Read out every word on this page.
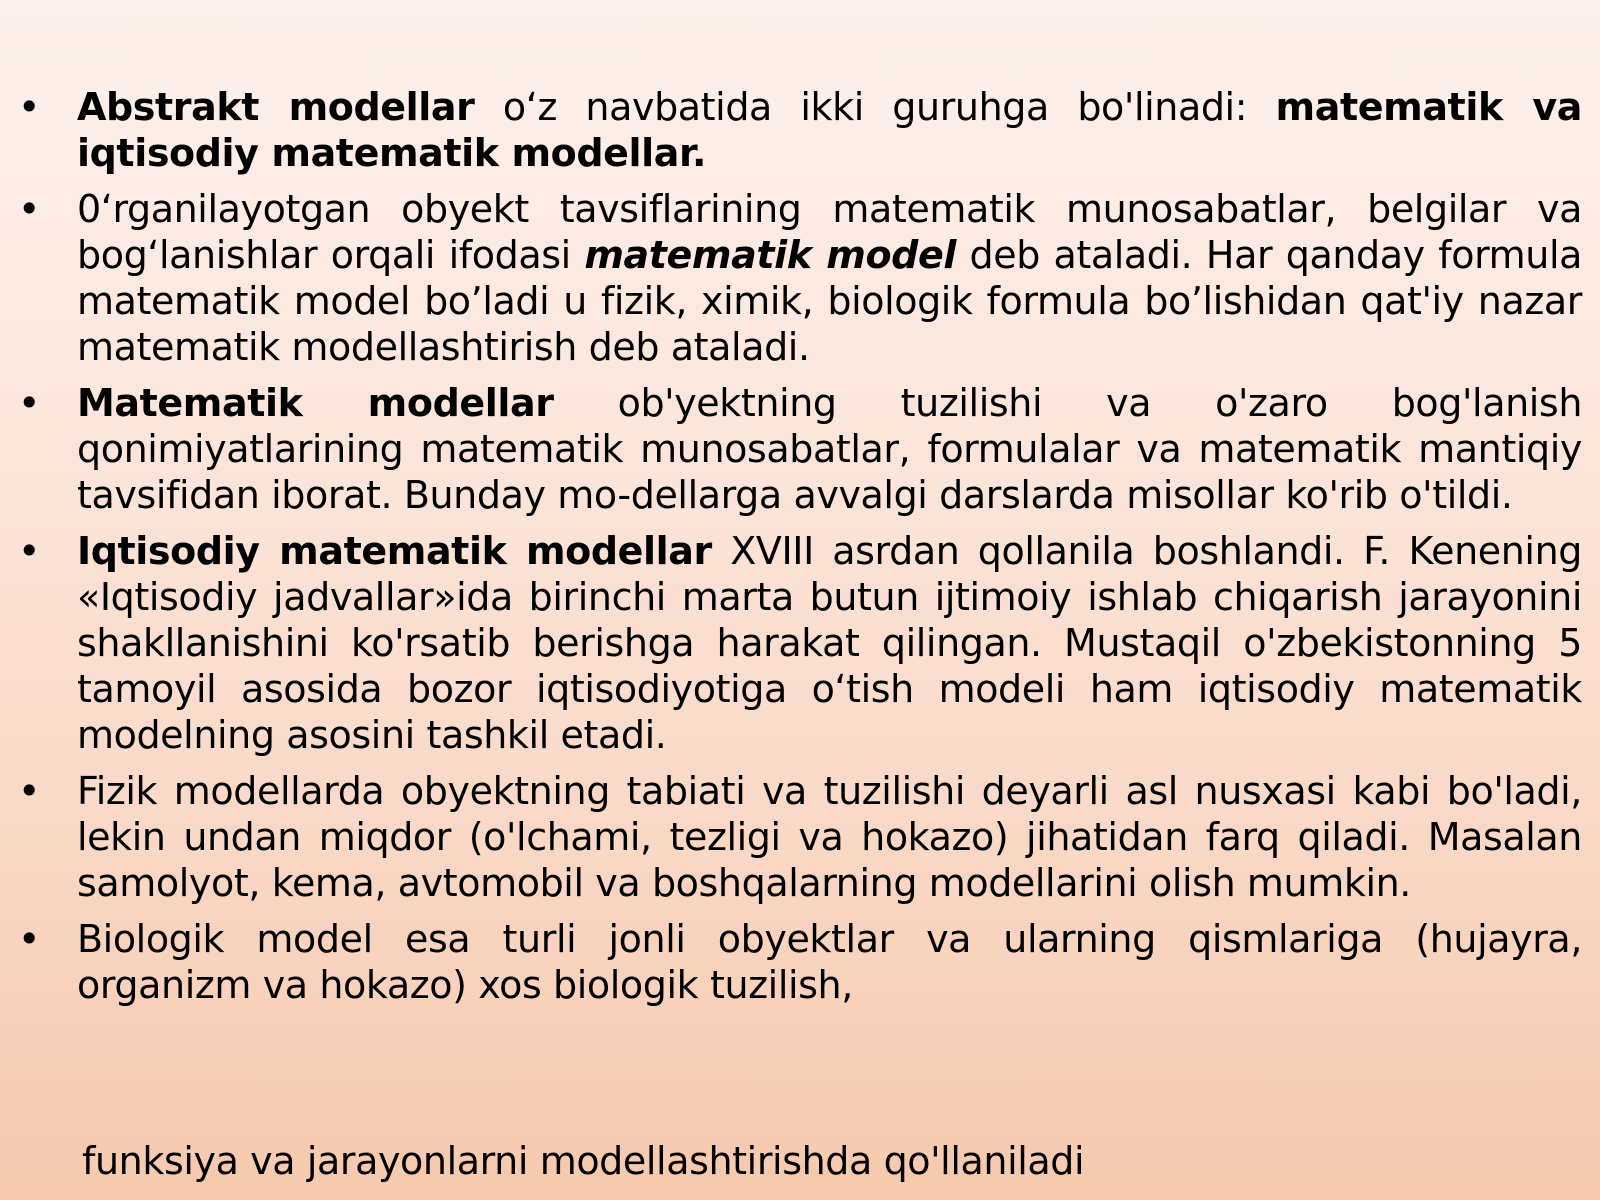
• Abstrakt modellar o‘z navbatida ikki guruhga bo'linadi: matematik va iqtisodiy matematik modellar.
• 0‘rganilayotgan obyekt tavsiflarining matematik munosabatlar, belgilar va bog‘lanishlar orqali ifodasi matematik model deb ataladi. Har qanday formula matematik model bo’ladi u fizik, ximik, biologik formula bo’lishidan qat'iy nazar matematik modellashtirish deb ataladi.
• Matematik modellar ob'yektning tuzilishi va o'zaro bog'lanish qonimiyatlarining matematik munosabatlar, formulalar va matematik mantiqiy tavsifidan iborat. Bunday mo-dellarga avvalgi darslarda misollar ko'rib o'tildi.
• Iqtisodiy matematik modellar XVIII asrdan qollanila boshlandi. F. Kenening «Iqtisodiy jadvallar»ida birinchi marta butun ijtimoiy ishlab chiqarish jarayonini shakllanishini ko'rsatib berishga harakat qilingan. Mustaqil o'zbekistonning 5 tamoyil asosida bozor iqtisodiyotiga o‘tish modeli ham iqtisodiy matematik modelning asosini tashkil etadi.
• Fizik modellarda obyektning tabiati va tuzilishi deyarli asl nusxasi kabi bo'ladi, lekin undan miqdor (o'lchami, tezligi va hokazo) jihatidan farq qiladi. Masalan samolyot, kema, avtomobil va boshqalarning modellarini olish mumkin.
• Biologik model esa turli jonli obyektlar va ularning qismlariga (hujayra, organizm va hokazo) xos biologik tuzilish,
funksiya va jarayonlarni modellashtirishda qo'llaniladi
